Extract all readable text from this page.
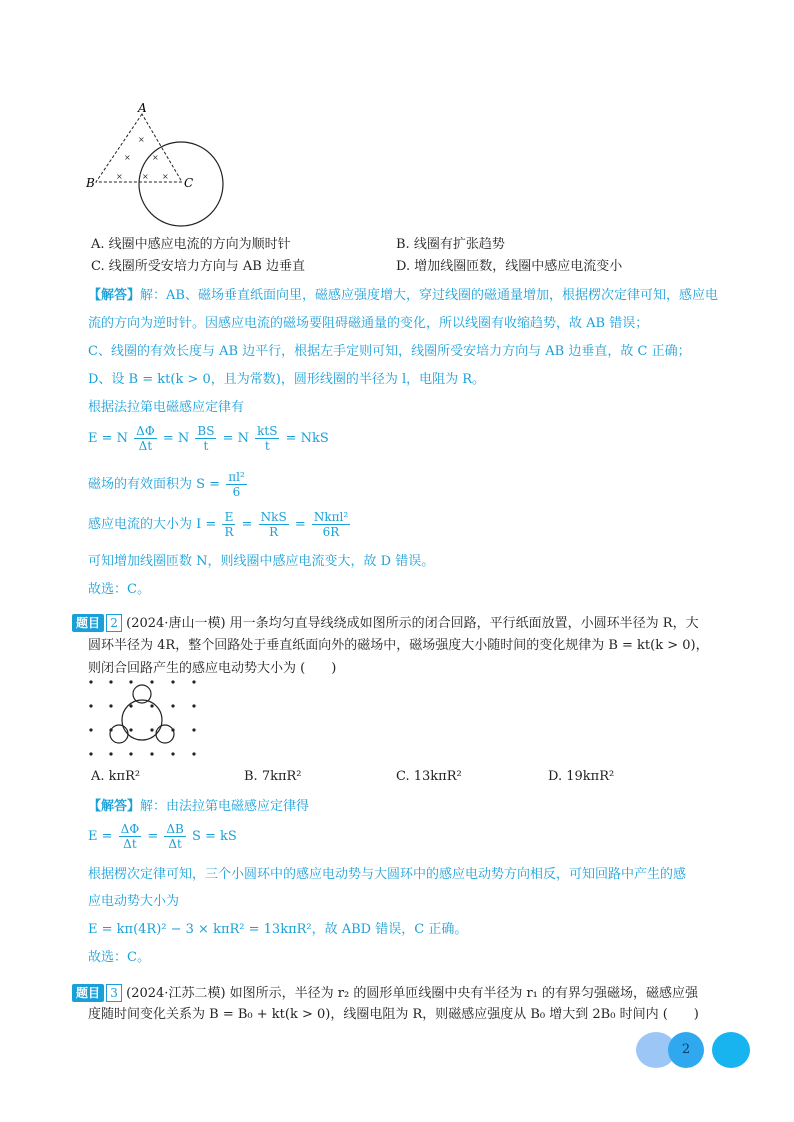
A
B	C
×
×	×
× × ×
A. 线圈中感应电流的方向为顺时针	B. 线圈有扩张趋势
C. 线圈所受安培力方向与 AB 边垂直	D. 增加线圈匝数，线圈中感应电流变小
【解答】解：AB、磁场垂直纸面向里，磁感应强度增大，穿过线圈的磁通量增加，根据楞次定律可知，感应电
流的方向为逆时针。因感应电流的磁场要阻碍磁通量的变化，所以线圈有收缩趋势，故 AB 错误；
C、线圈的有效长度与 AB 边平行，根据左手定则可知，线圈所受安培力方向与 AB 边垂直，故 C 正确；
D、设 B = kt(k > 0，且为常数)，圆形线圈的半径为 l，电阻为 R。
根据法拉第电磁感应定律有
E = N $\frac{\Delta\Phi}{\Delta t} = N \frac{BS}{t} = N \frac{\text{ktS}}{t}$ = NkS
磁场的有效面积为 $S = \frac{\text{πl²}}{6}$
感应电流的大小为 $I = \frac{E}{R} = \frac{\text{NkS}}{R} = \frac{\text{Nkπl²}}{6R}$
可知增加线圈匝数 N，则线圈中感应电流变大，故 D 错误。
故选：C。
题目 2 (2024·唐山一模) 用一条均匀直导线绕成如图所示的闭合回路，平行纸面放置，小圆环半径为 R，大
圆环半径为 4R，整个回路处于垂直纸面向外的磁场中，磁场强度大小随时间的变化规律为 B = kt(k > 0)，
则闭合回路产生的感应电动势大小为 (　　)
A. kπR²	B. 7kπR²	C. 13kπR²	D. 19kπR²
【解答】解：由法拉第电磁感应定律得
$E = \frac{\Delta\Phi}{\Delta t} = \frac{\Delta B}{\Delta t}$ S = kS
根据楞次定律可知，三个小圆环中的感应电动势与大圆环中的感应电动势方向相反，可知回路中产生的感
应电动势大小为
E = kπ(4R)² − 3 × kπR² = 13kπR²，故 ABD 错误，C 正确。
故选：C。
题目 3 (2024·江苏二模) 如图所示，半径为 r₂ 的圆形单匝线圈中央有半径为 r₁ 的有界匀强磁场，磁感应强
度随时间变化关系为 B = B₀ + kt(k > 0)，线圈电阻为 R，则磁感应强度从 B₀ 增大到 2B₀ 时间内 (　　)
2
